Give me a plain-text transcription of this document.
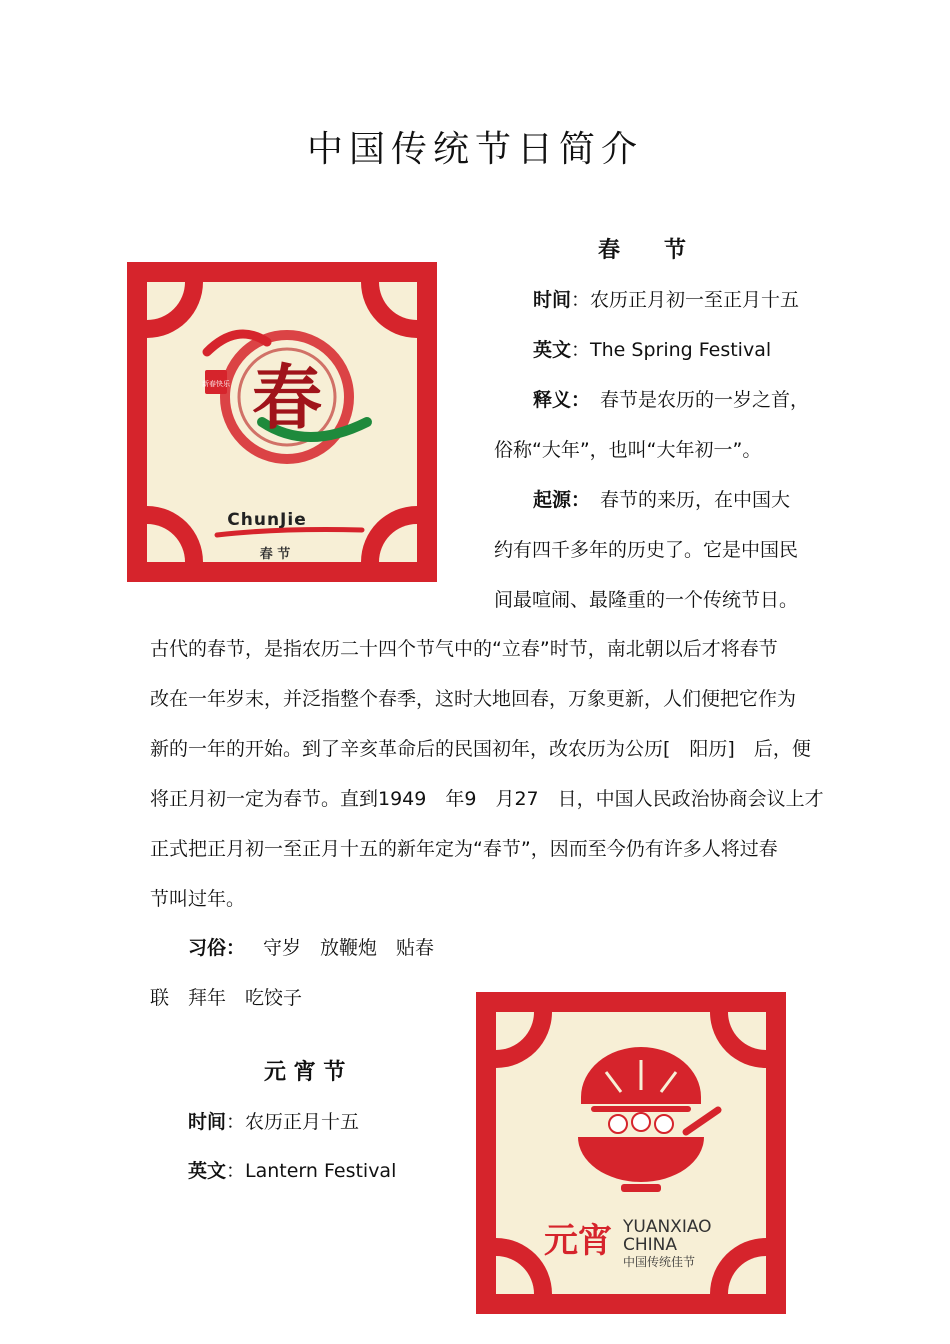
中国传统节日简介
新春快乐 春
ChunJie
春 节
春　　节
时间：农历正月初一至正月十五
英文：The Spring Festival
释义： 春节是农历的一岁之首，
俗称“大年”，也叫“大年初一”。
起源： 春节的来历，在中国大
约有四千多年的历史了。它是中国民
间最喧闹、最隆重的一个传统节日。
古代的春节，是指农历二十四个节气中的“立春”时节，南北朝以后才将春节
改在一年岁末，并泛指整个春季，这时大地回春，万象更新，人们便把它作为
新的一年的开始。到了辛亥革命后的民国初年，改农历为公历[　阳历]　后，便
将正月初一定为春节。直到1949　年9　月27　日，中国人民政治协商会议上才
正式把正月初一至正月十五的新年定为“春节”，因而至今仍有许多人将过春
节叫过年。
习俗： 守岁　放鞭炮　贴春
联　拜年　吃饺子
元 宵 节
时间：农历正月十五
英文：Lantern Festival
元宵 YUANXIAO
CHINA
中国传统佳节
